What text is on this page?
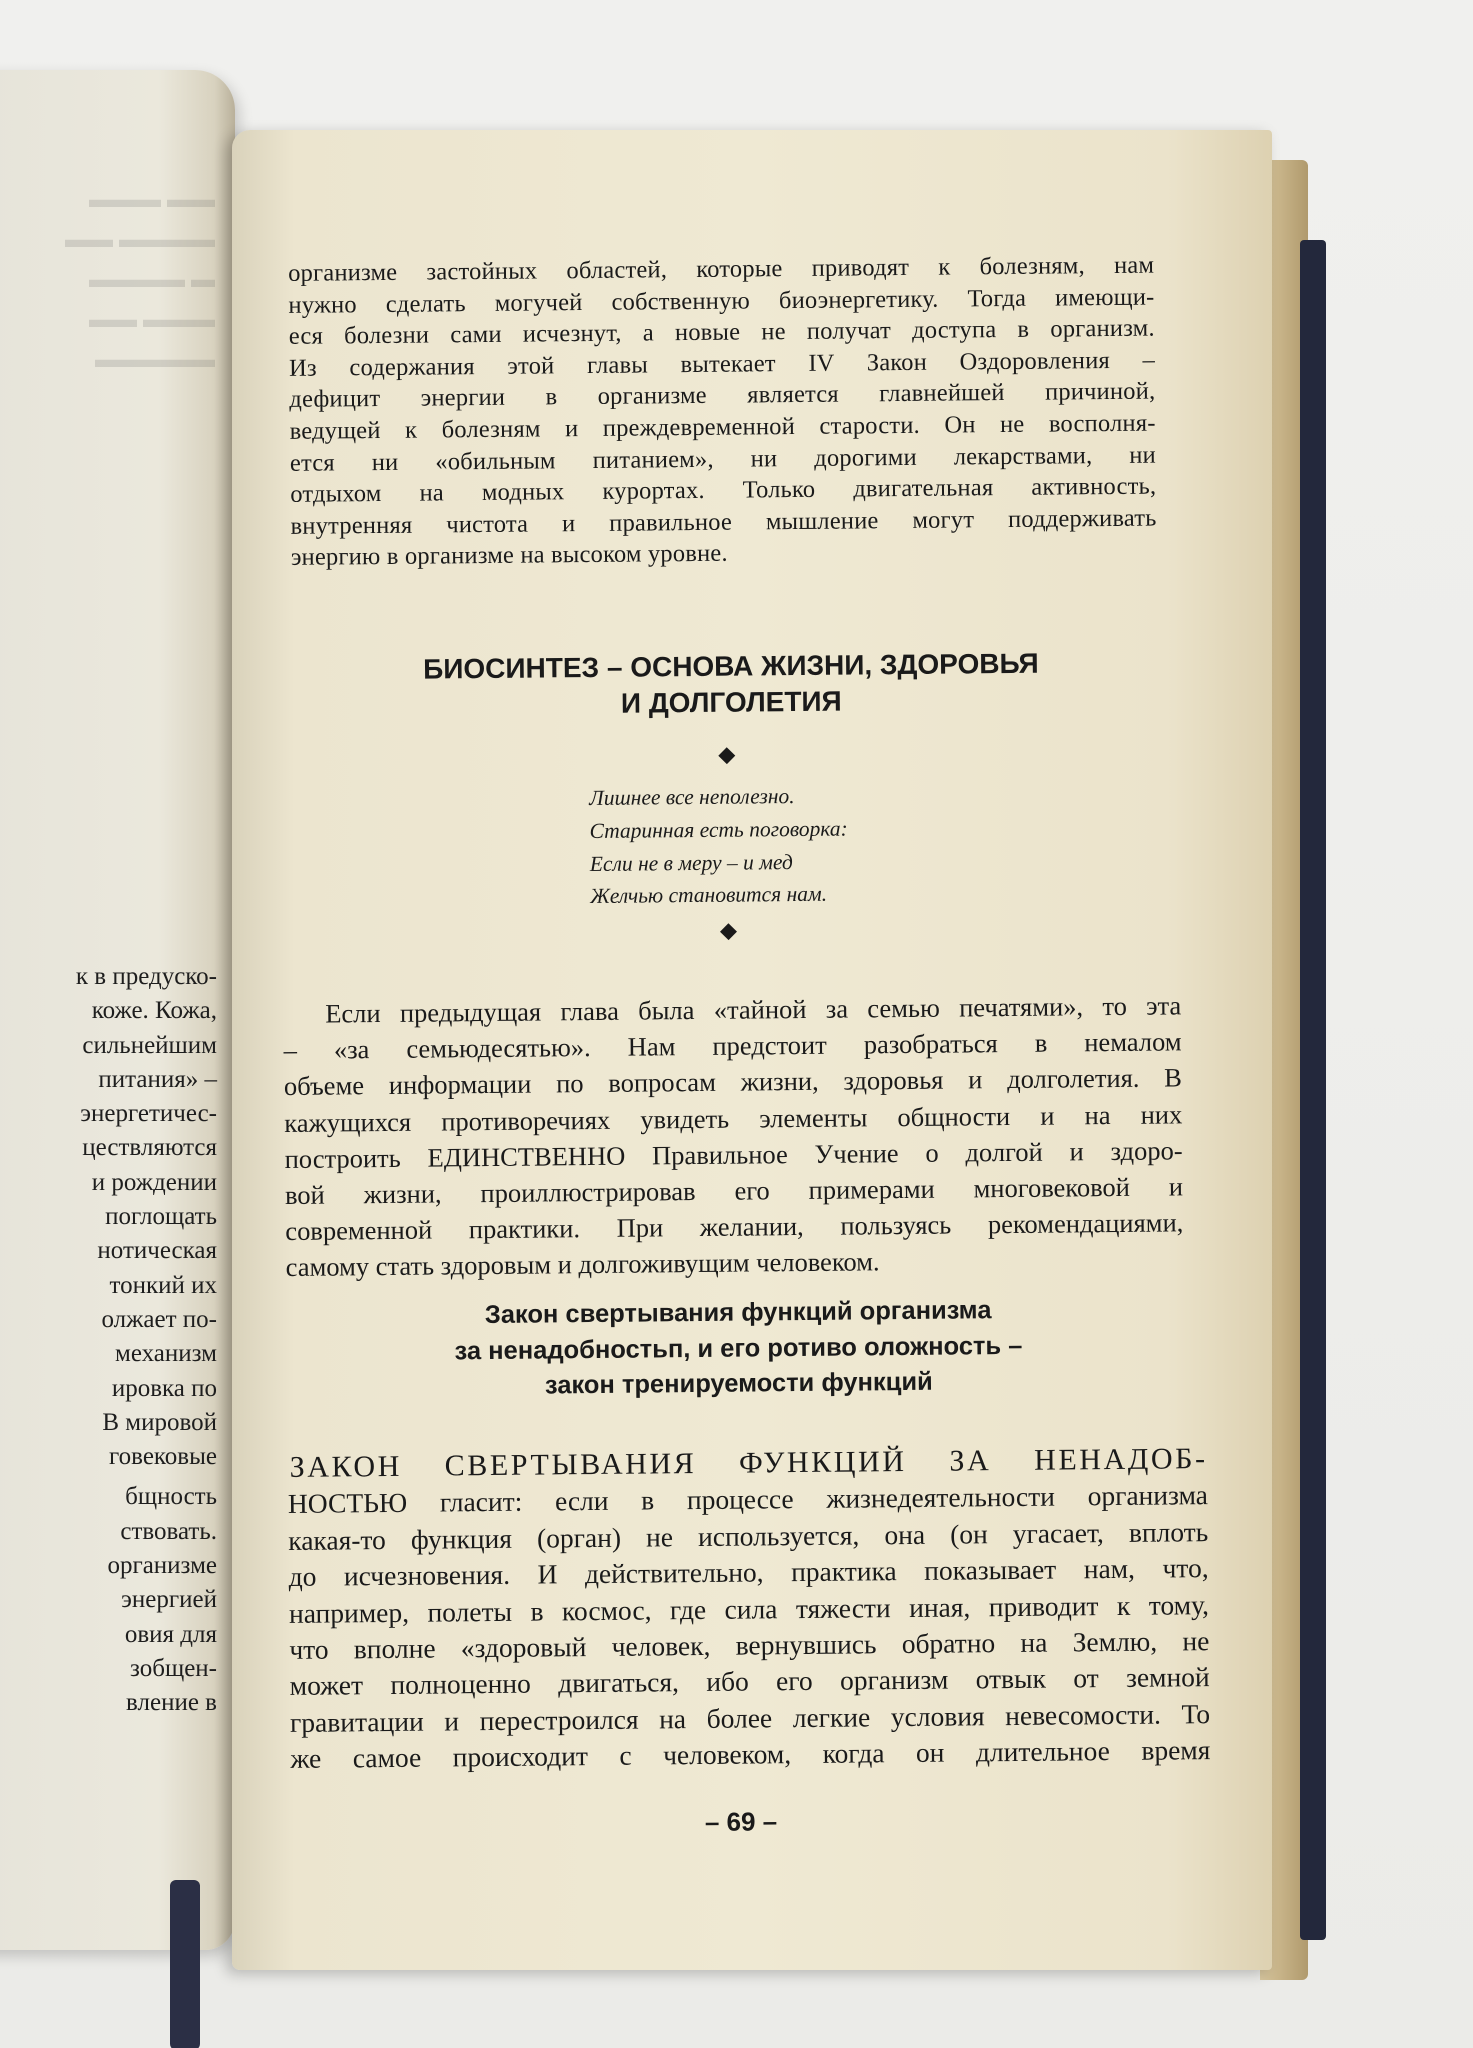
▬▬▬ ▬▬
▬▬ ▬▬▬▬
▬▬▬▬ ▬
▬▬ ▬▬▬
▬▬▬▬▬
к в предуско-
коже. Кожа,
сильнейшим
питания» –
энергетичес-
цествляются
и рождении
поглощать
нотическая
тонкий их
олжает по-
механизм
ировка по
В мировой
говековые
бщность
ствовать.
организме
энергией
овия для
зобщен-
вление в
организме застойных областей, которые приводят к болезням, нам
нужно сделать могучей собственную биоэнергетику. Тогда имеющи-
еся болезни сами исчезнут, а новые не получат доступа в организм.
Из содержания этой главы вытекает IV Закон Оздоровления –
дефицит энергии в организме является главнейшей причиной,
ведущей к болезням и преждевременной старости. Он не восполня-
ется ни «обильным питанием», ни дорогими лекарствами, ни
отдыхом на модных курортах. Только двигательная активность,
внутренняя чистота и правильное мышление могут поддерживать
энергию в организме на высоком уровне.
БИОСИНТЕЗ – ОСНОВА ЖИЗНИ, ЗДОРОВЬЯ
И ДОЛГОЛЕТИЯ
Лишнее все неполезно.
Старинная есть поговорка:
Если не в меру – и мед
Желчью становится нам.
Если предыдущая глава была «тайной за семью печатями», то эта
– «за семьюдесятью». Нам предстоит разобраться в немалом
объеме информации по вопросам жизни, здоровья и долголетия. В
кажущихся противоречиях увидеть элементы общности и на них
построить ЕДИНСТВЕННО Правильное Учение о долгой и здоро-
вой жизни, проиллюстрировав его примерами многовековой и
современной практики. При желании, пользуясь рекомендациями,
самому стать здоровым и долгоживущим человеком.
Закон свертывания функций организма
за ненадобностьп, и его ротиво оложность –
закон тренируемости функций
ЗАКОН СВЕРТЫВАНИЯ ФУНКЦИЙ ЗА НЕНАДОБ-
НОСТЬЮ гласит: если в процессе жизнедеятельности организма
какая-то функция (орган) не используется, она (он угасает, вплоть
до исчезновения. И действительно, практика показывает нам, что,
например, полеты в космос, где сила тяжести иная, приводит к тому,
что вполне «здоровый человек, вернувшись обратно на Землю, не
может полноценно двигаться, ибо его организм отвык от земной
гравитации и перестроился на более легкие условия невесомости. То
же самое происходит с человеком, когда он длительное время
– 69 –
